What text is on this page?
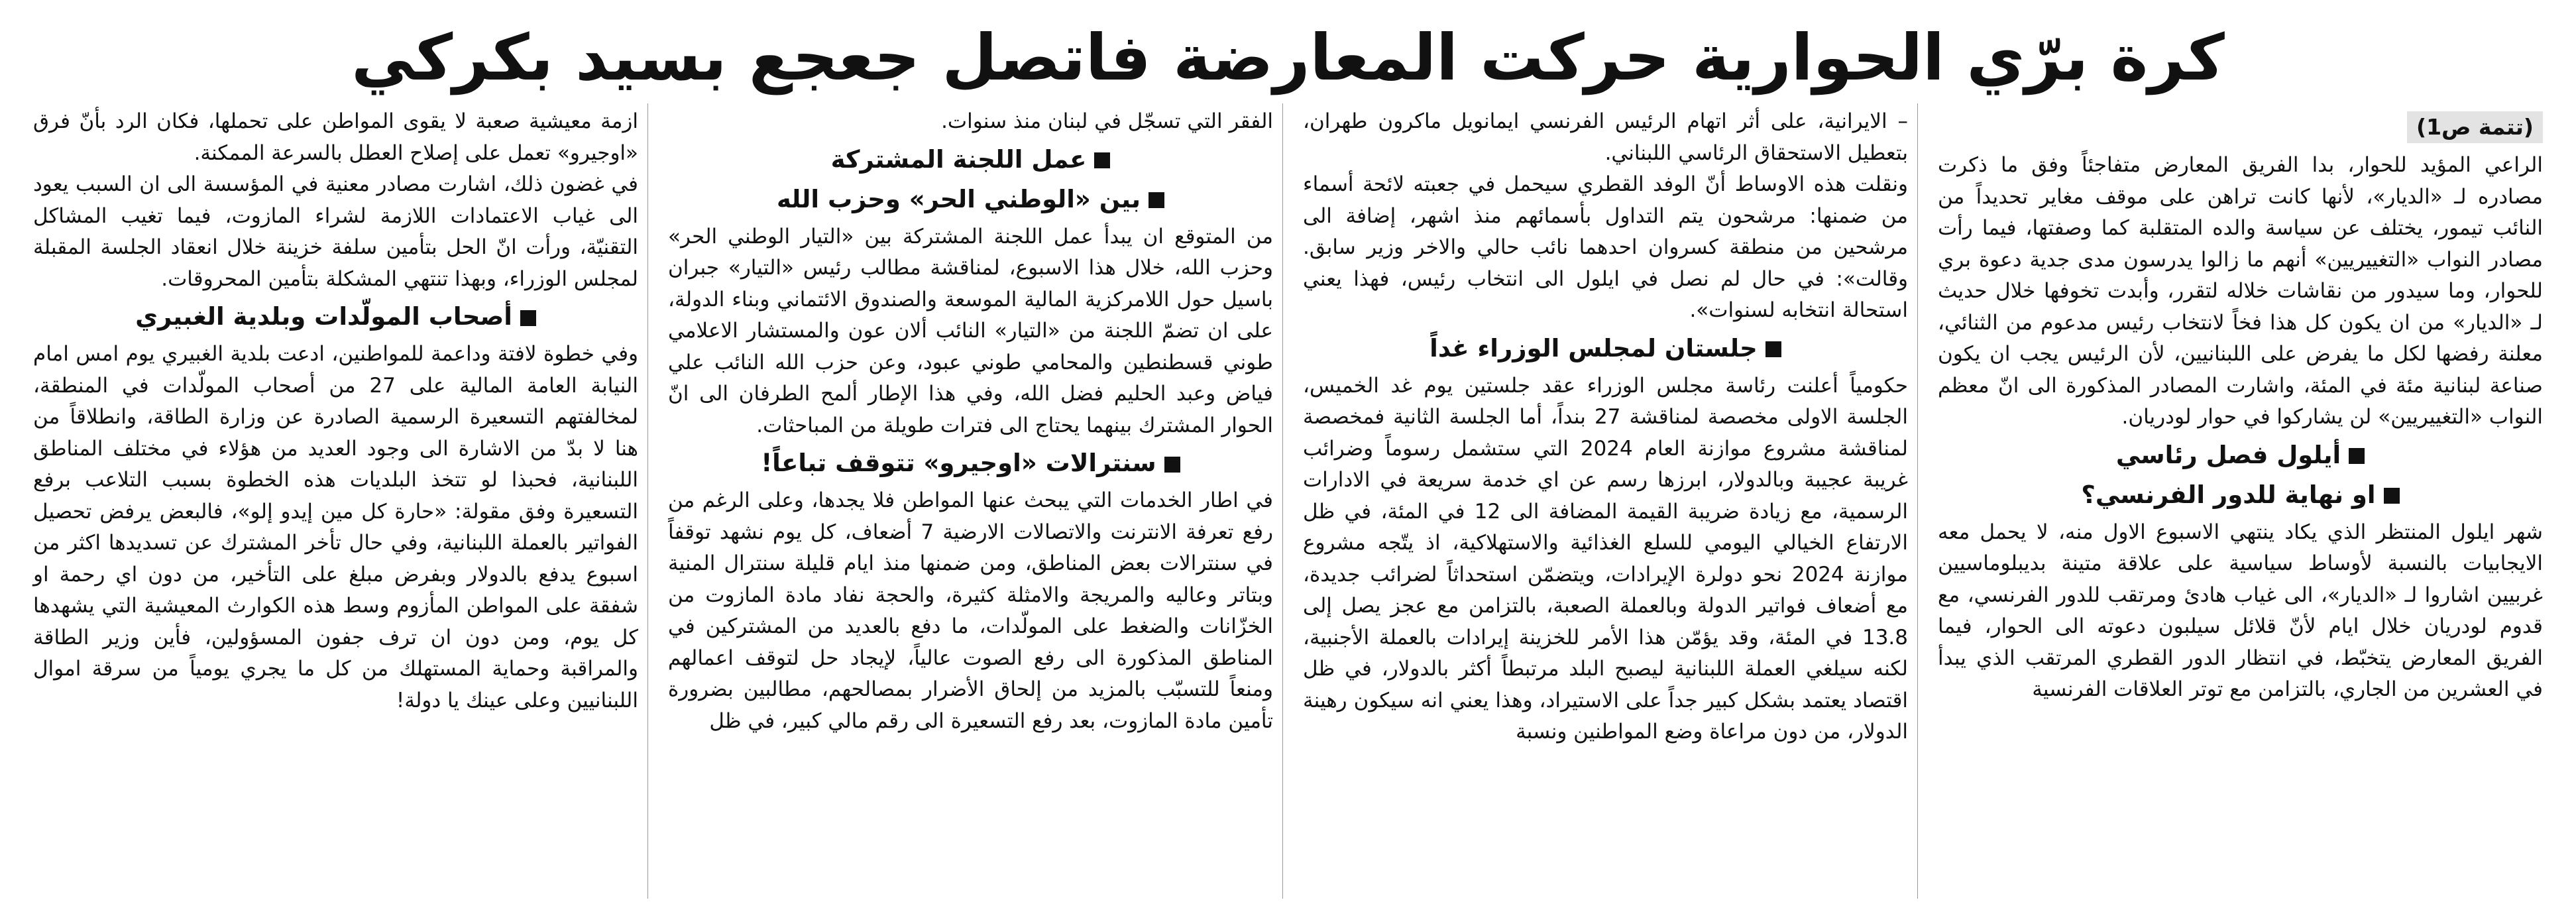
كرة برّي الحوارية حركت المعارضة فاتصل جعجع بسيد بكركي
(تتمة ص1)

الراعي المؤيد للحوار، بدا الفريق المعارض متفاجئاً وفق ما ذكرت مصادره لـ «الديار»، لأنها كانت تراهن على موقف مغاير تحديداً من النائب تيمور، يختلف عن سياسة والده المتقلبة كما وصفتها، فيما رأت مصادر النواب «التغييريين» أنهم ما زالوا يدرسون مدى جدية دعوة بري للحوار، وما سيدور من نقاشات خلاله لتقرر، وأبدت تخوفها خلال حديث لـ «الديار» من ان يكون كل هذا فخاً لانتخاب رئيس مدعوم من الثنائي، معلنة رفضها لكل ما يفرض على اللبنانيين، لأن الرئيس يجب ان يكون صناعة لبنانية مئة في المئة، واشارت المصادر المذكورة الى انّ معظم النواب «التغييريين» لن يشاركوا في حوار لودريان.

أيلول فصل رئاسي
او نهاية للدور الفرنسي؟

شهر ايلول المنتظر الذي يكاد ينتهي الاسبوع الاول منه، لا يحمل معه الايجابيات بالنسبة لأوساط سياسية على علاقة متينة بديبلوماسيين غربيين اشاروا لـ «الديار»، الى غياب هادئ ومرتقب للدور الفرنسي، مع قدوم لودريان خلال ايام لأنّ قلائل سيلبون دعوته الى الحوار، فيما الفريق المعارض يتخبّط، في انتظار الدور القطري المرتقب الذي يبدأ في العشرين من الجاري، بالتزامن مع توتر العلاقات الفرنسية

– الايرانية، على أثر اتهام الرئيس الفرنسي ايمانويل ماكرون طهران، بتعطيل الاستحقاق الرئاسي اللبناني.

ونقلت هذه الاوساط أنّ الوفد القطري سيحمل في جعبته لائحة أسماء من ضمنها: مرشحون يتم التداول بأسمائهم منذ اشهر، إضافة الى مرشحين من منطقة كسروان احدهما نائب حالي والاخر وزير سابق. وقالت»: في حال لم نصل في ايلول الى انتخاب رئيس، فهذا يعني استحالة انتخابه لسنوات».

جلستان لمجلس الوزراء غداً

حكومياً أعلنت رئاسة مجلس الوزراء عقد جلستين يوم غد الخميس، الجلسة الاولى مخصصة لمناقشة 27 بنداً، أما الجلسة الثانية فمخصصة لمناقشة مشروع موازنة العام 2024 التي ستشمل رسوماً وضرائب غريبة عجيبة وبالدولار، ابرزها رسم عن اي خدمة سريعة في الادارات الرسمية، مع زيادة ضريبة القيمة المضافة الى 12 في المئة، في ظل الارتفاع الخيالي اليومي للسلع الغذائية والاستهلاكية، اذ يتّجه مشروع موازنة 2024 نحو دولرة الإيرادات، ويتضمّن استحداثاً لضرائب جديدة، مع أضعاف فواتير الدولة وبالعملة الصعبة، بالتزامن مع عجز يصل إلى 13.8 في المئة، وقد يؤمّن هذا الأمر للخزينة إيرادات بالعملة الأجنبية، لكنه سيلغي العملة اللبنانية ليصبح البلد مرتبطاً أكثر بالدولار، في ظل اقتصاد يعتمد بشكل كبير جداً على الاستيراد، وهذا يعني انه سيكون رهينة الدولار، من دون مراعاة وضع المواطنين ونسبة

الفقر التي تسجّل في لبنان منذ سنوات.

عمل اللجنة المشتركة
بين «الوطني الحر» وحزب الله

من المتوقع ان يبدأ عمل اللجنة المشتركة بين «التيار الوطني الحر» وحزب الله، خلال هذا الاسبوع، لمناقشة مطالب رئيس «التيار» جبران باسيل حول اللامركزية المالية الموسعة والصندوق الائتماني وبناء الدولة، على ان تضمّ اللجنة من «التيار» النائب ألان عون والمستشار الاعلامي طوني قسطنطين والمحامي طوني عبود، وعن حزب الله النائب علي فياض وعبد الحليم فضل الله، وفي هذا الإطار ألمح الطرفان الى انّ الحوار المشترك بينهما يحتاج الى فترات طويلة من المباحثات.

سنترالات «اوجيرو» تتوقف تباعاً!

في اطار الخدمات التي يبحث عنها المواطن فلا يجدها، وعلى الرغم من رفع تعرفة الانترنت والاتصالات الارضية 7 أضعاف، كل يوم نشهد توقفاً في سنترالات بعض المناطق، ومن ضمنها منذ ايام قليلة سنترال المنية وبتاتر وعاليه والمريجة والامثلة كثيرة، والحجة نفاد مادة المازوت من الخزّانات والضغط على المولّدات، ما دفع بالعديد من المشتركين في المناطق المذكورة الى رفع الصوت عالياً، لإيجاد حل لتوقف اعمالهم ومنعاً للتسبّب بالمزيد من إلحاق الأضرار بمصالحهم، مطالبين بضرورة تأمين مادة المازوت، بعد رفع التسعيرة الى رقم مالي كبير، في ظل

ازمة معيشية صعبة لا يقوى المواطن على تحملها، فكان الرد بأنّ فرق «اوجيرو» تعمل على إصلاح العطل بالسرعة الممكنة.

في غضون ذلك، اشارت مصادر معنية في المؤسسة الى ان السبب يعود الى غياب الاعتمادات اللازمة لشراء المازوت، فيما تغيب المشاكل التقنيّة، ورأت انّ الحل بتأمين سلفة خزينة خلال انعقاد الجلسة المقبلة لمجلس الوزراء، وبهذا تنتهي المشكلة بتأمين المحروقات.

أصحاب المولّدات وبلدية الغبيري

وفي خطوة لافتة وداعمة للمواطنين، ادعت بلدية الغبيري يوم امس امام النيابة العامة المالية على 27 من أصحاب المولّدات في المنطقة، لمخالفتهم التسعيرة الرسمية الصادرة عن وزارة الطاقة، وانطلاقاً من هنا لا بدّ من الاشارة الى وجود العديد من هؤلاء في مختلف المناطق اللبنانية، فحبذا لو تتخذ البلديات هذه الخطوة بسبب التلاعب برفع التسعيرة وفق مقولة: «حارة كل مين إيدو إلو»، فالبعض يرفض تحصيل الفواتير بالعملة اللبنانية، وفي حال تأخر المشترك عن تسديدها اكثر من اسبوع يدفع بالدولار وبفرض مبلغ على التأخير، من دون اي رحمة او شفقة على المواطن المأزوم وسط هذه الكوارث المعيشية التي يشهدها كل يوم، ومن دون ان ترف جفون المسؤولين، فأين وزير الطاقة والمراقبة وحماية المستهلك من كل ما يجري يومياً من سرقة اموال اللبنانيين وعلى عينك يا دولة!
